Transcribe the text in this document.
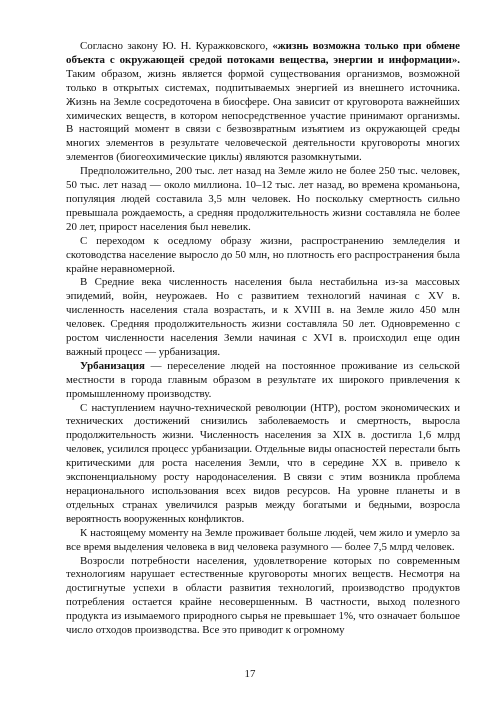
Согласно закону Ю. Н. Куражковского, «жизнь возможна только при обмене объекта с окружающей средой потоками вещества, энергии и информации». Таким образом, жизнь является формой существования организмов, возможной только в открытых системах, подпитываемых энергией из внешнего источника. Жизнь на Земле сосредоточена в биосфере. Она зависит от круговорота важнейших химических веществ, в котором непосредственное участие принимают организмы. В настоящий момент в связи с безвозвратным изъятием из окружающей среды многих элементов в результате человеческой деятельности круговороты многих элементов (биогеохимические циклы) являются разомкнутыми.

Предположительно, 200 тыс. лет назад на Земле жило не более 250 тыс. человек, 50 тыс. лет назад — около миллиона. 10–12 тыс. лет назад, во времена кроманьона, популяция людей составила 3,5 млн человек. Но поскольку смертность сильно превышала рождаемость, а средняя продолжительность жизни составляла не более 20 лет, прирост населения был невелик.

С переходом к оседлому образу жизни, распространению земледелия и скотоводства население выросло до 50 млн, но плотность его распространения была крайне неравномерной.

В Средние века численность населения была нестабильна из-за массовых эпидемий, войн, неурожаев. Но с развитием технологий начиная с XV в. численность населения стала возрастать, и к XVIII в. на Земле жило 450 млн человек. Средняя продолжительность жизни составляла 50 лет. Одновременно с ростом численности населения Земли начиная с XVI в. происходил еще один важный процесс — урбанизация.

Урбанизация — переселение людей на постоянное проживание из сельской местности в города главным образом в результате их широкого привлечения к промышленному производству.

С наступлением научно-технической революции (НТР), ростом экономических и технических достижений снизились заболеваемость и смертность, выросла продолжительность жизни. Численность населения за XIX в. достигла 1,6 млрд человек, усилился процесс урбанизации. Отдельные виды опасностей перестали быть критическими для роста населения Земли, что в середине XX в. привело к экспоненциальному росту народонаселения. В связи с этим возникла проблема нерационального использования всех видов ресурсов. На уровне планеты и в отдельных странах увеличился разрыв между богатыми и бедными, возросла вероятность вооруженных конфликтов.

К настоящему моменту на Земле проживает больше людей, чем жило и умерло за все время выделения человека в вид человека разумного — более 7,5 млрд человек.

Возросли потребности населения, удовлетворение которых по современным технологиям нарушает естественные круговороты многих веществ. Несмотря на достигнутые успехи в области развития технологий, производство продуктов потребления остается крайне несовершенным. В частности, выход полезного продукта из изымаемого природного сырья не превышает 1%, что означает большое число отходов производства. Все это приводит к огромному

17
